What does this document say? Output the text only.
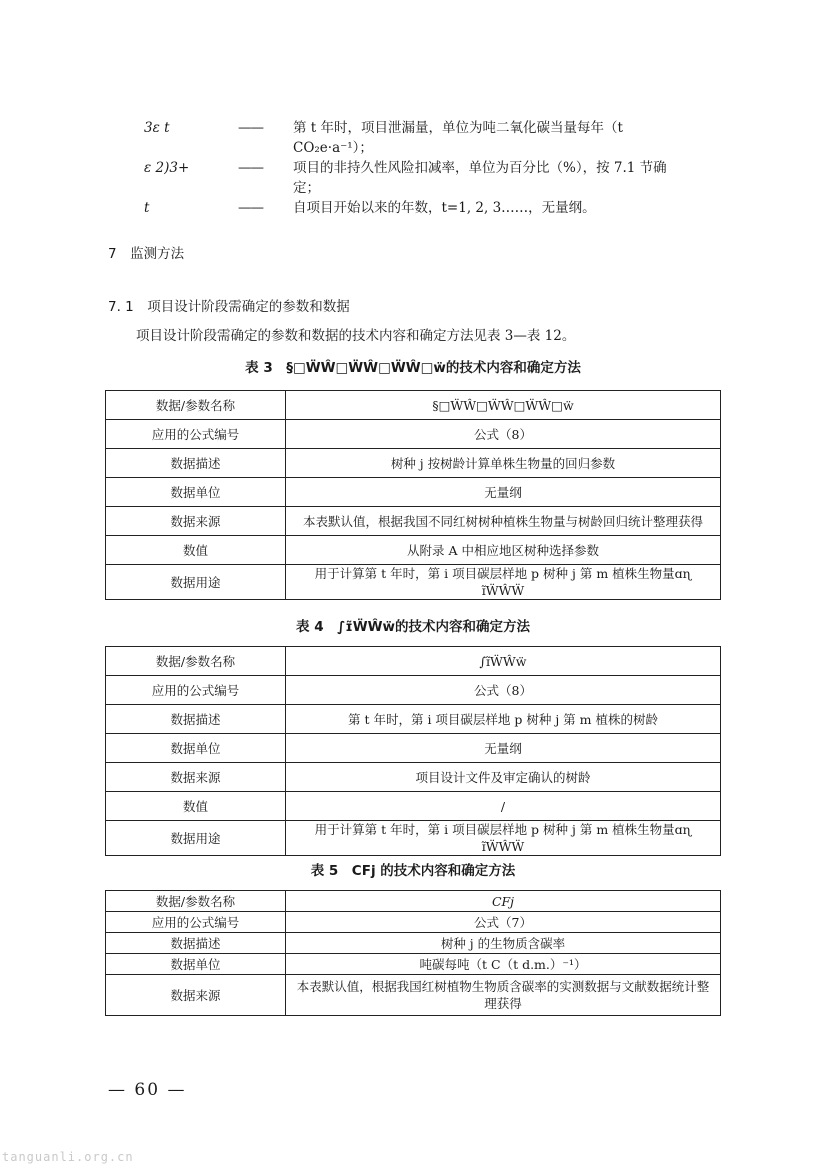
3ε t	—— 第 t 年时，项目泄漏量，单位为吨二氧化碳当量每年（t CO₂e·a⁻¹）；
ε 2)3+	—— 项目的非持久性风险扣减率，单位为百分比（%），按 7.1 节确定；
t	—— 自项目开始以来的年数，t=1, 2, 3……，无量纲。
7　监测方法
7. 1　项目设计阶段需确定的参数和数据
项目设计阶段需确定的参数和数据的技术内容和确定方法见表 3—表 12。
表 3　§□ẄŴ□ẄŴ□ẄŴ□ẅ的技术内容和确定方法
数据/参数名称	§□ẄŴ□ẄŴ□ẄŴ□ẅ
应用的公式编号	公式（8）
数据描述	树种 j 按树龄计算单株生物量的回归参数
数据单位	无量纲
数据来源	本表默认值，根据我国不同红树树种植株生物量与树龄回归统计整理获得
数值	从附录 A 中相应地区树种选择参数
数据用途	用于计算第 t 年时，第 i 项目碳层样地 p 树种 j 第 m 植株生物量ɑɳ ɪ̃ẄŴẄ
表 4　∫ɪ̃ẄŴẅ的技术内容和确定方法
数据/参数名称	∫ɪ̃ẄŴẅ
应用的公式编号	公式（8）
数据描述	第 t 年时，第 i 项目碳层样地 p 树种 j 第 m 植株的树龄
数据单位	无量纲
数据来源	项目设计文件及审定确认的树龄
数值	/
数据用途	用于计算第 t 年时，第 i 项目碳层样地 p 树种 j 第 m 植株生物量ɑɳ ɪ̃ẄŴẄ
表 5　CFj 的技术内容和确定方法
数据/参数名称	CFj
应用的公式编号	公式（7）
数据描述	树种 j 的生物质含碳率
数据单位	吨碳每吨（t C（t d.m.）⁻¹）
数据来源	本表默认值，根据我国红树植物生物质含碳率的实测数据与文献数据统计整理获得
— 60 —
tanguanli.org.cn
